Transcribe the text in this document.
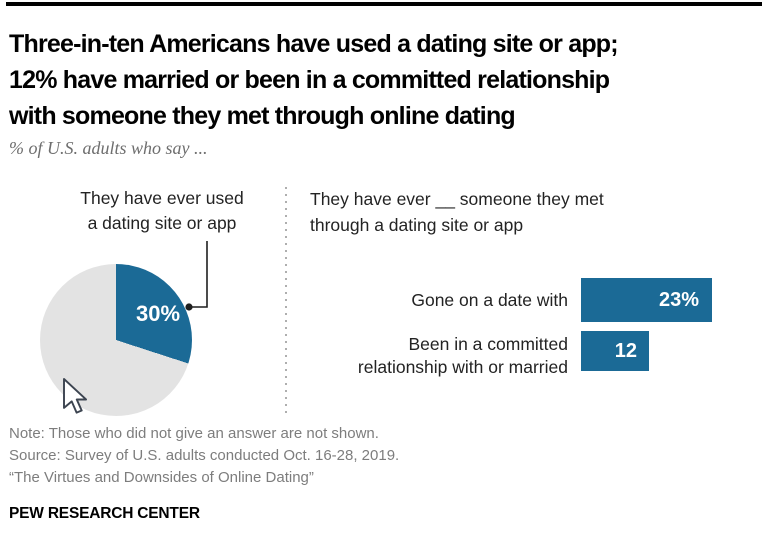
Three-in-ten Americans have used a dating site or app;
12% have married or been in a committed relationship
with someone they met through online dating
% of U.S. adults who say ...
They have ever used
a dating site or app
30%
They have ever __ someone they met
through a dating site or app
Gone on a date with	23%
Been in a committed
relationship with or married
12
Note: Those who did not give an answer are not shown.
Source: Survey of U.S. adults conducted Oct. 16-28, 2019.
“The Virtues and Downsides of Online Dating”
PEW RESEARCH CENTER
